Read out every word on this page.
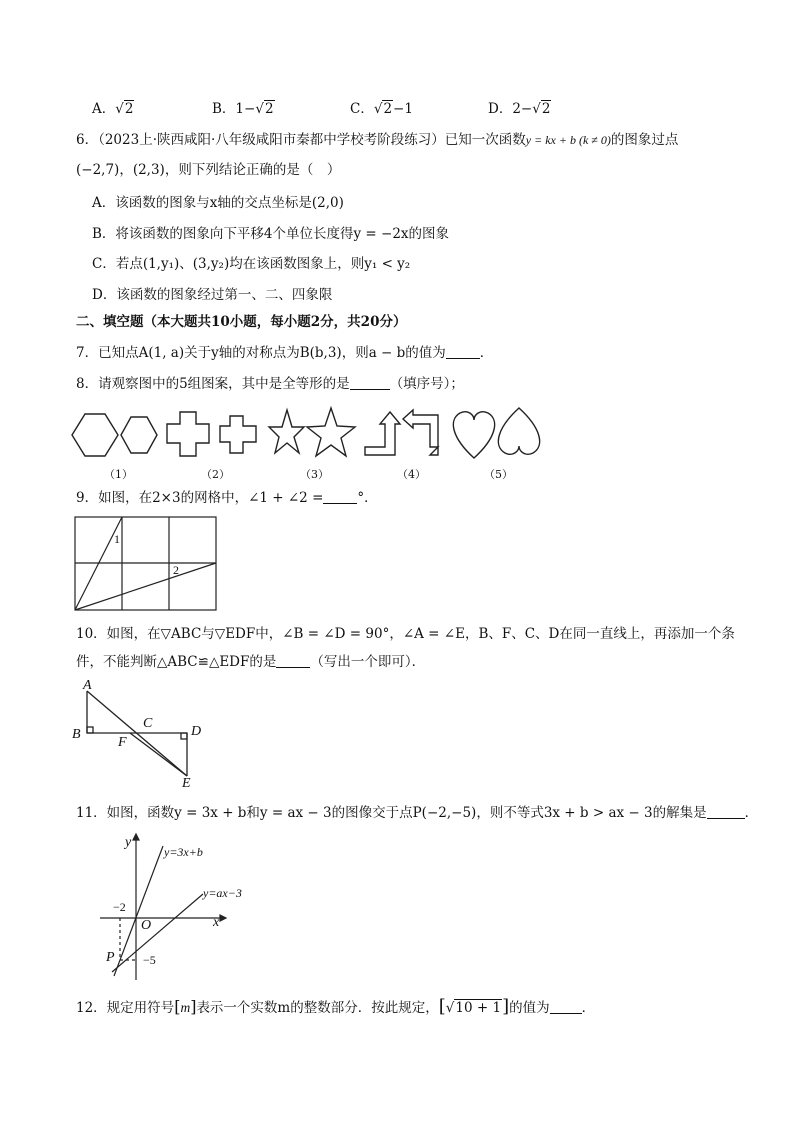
A．√2	B．1−√2	C．√2−1	D．2−√2
6．（2023上·陕西咸阳·八年级咸阳市秦都中学校考阶段练习）已知一次函数y = kx + b (k ≠ 0)的图象过点
(−2,7)，(2,3)，则下列结论正确的是（　）
A．该函数的图象与x轴的交点坐标是(2,0)
B．将该函数的图象向下平移4个单位长度得y = −2x的图象
C．若点(1,y₁)、(3,y₂)均在该函数图象上，则y₁ < y₂
D．该函数的图象经过第一、二、四象限
二、填空题（本大题共10小题，每小题2分，共20分）
7．已知点A(1, a)关于y轴的对称点为B(b,3)，则a − b的值为	．
8．请观察图中的5组图案，其中是全等形的是	（填序号）；
（1）	（2）	（3）	（4）	（5）
9．如图，在2×3的网格中，∠1 + ∠2 =	°．
1
2
10．如图，在▽ABC与▽EDF中，∠B = ∠D = 90°，∠A = ∠E，B、F、C、D在同一直线上，再添加一个条
件，不能判断△ABC≌△EDF的是	（写出一个即可）．
A
B
C
D
E
F
11．如图，函数y = 3x + b和y = ax − 3的图像交于点P(−2,−5)，则不等式3x + b > ax − 3的解集是	．
y
x
O
y=3x+b
y=ax−3
−2
−5
P
12．规定用符号[m]表示一个实数m的整数部分．按此规定，[√10 + 1]的值为 ．
